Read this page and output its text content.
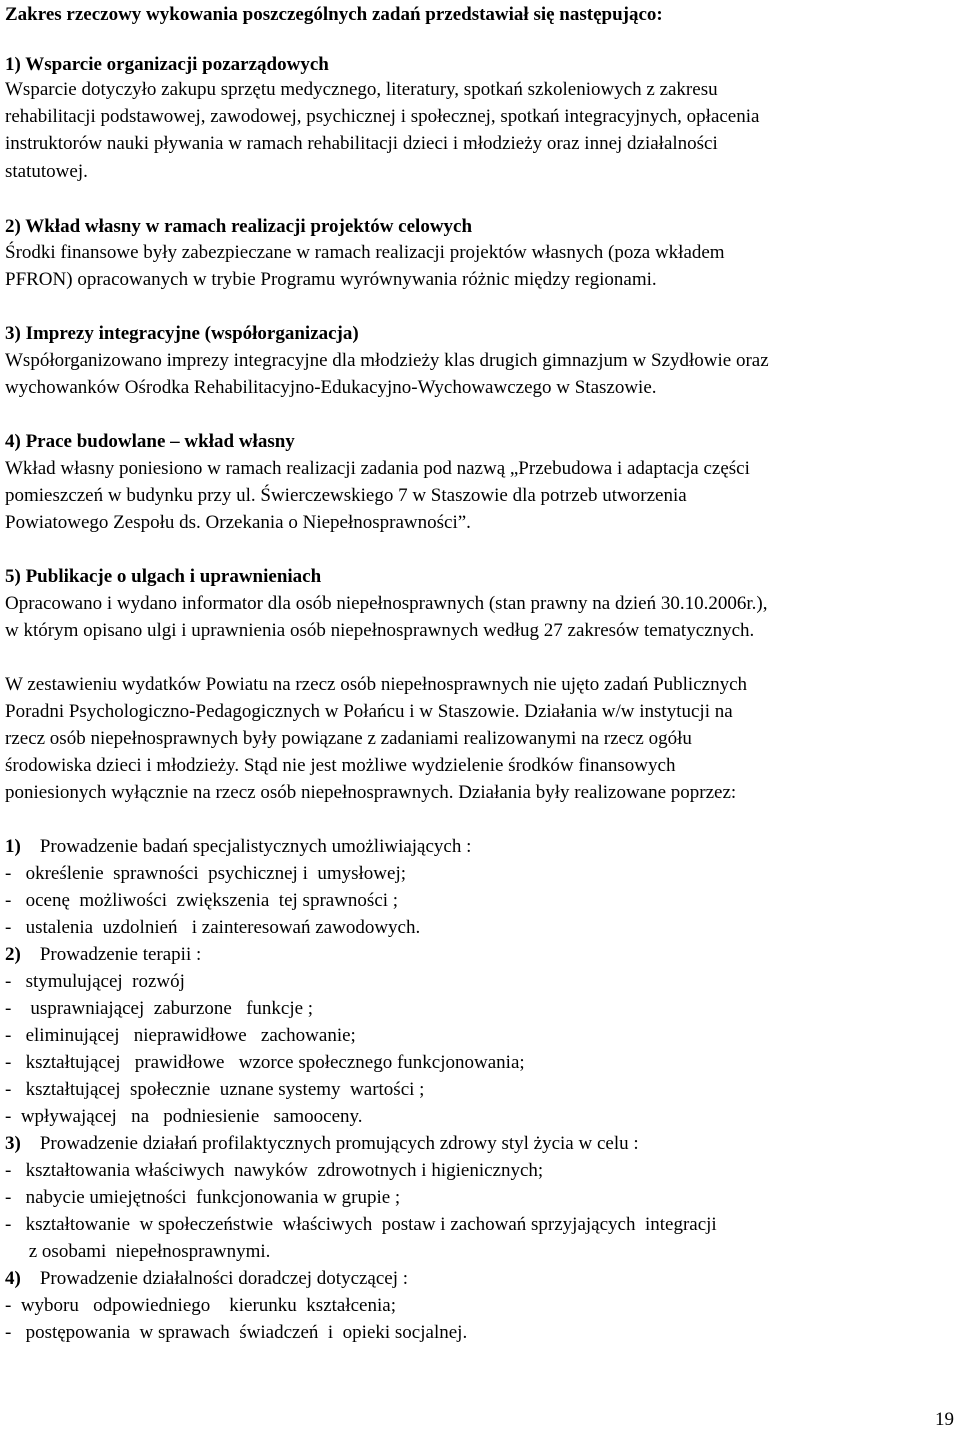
Zakres rzeczowy wykowania poszczególnych zadań przedstawiał się następująco:
1) Wsparcie organizacji pozarządowych
Wsparcie dotyczyło zakupu sprzętu medycznego, literatury, spotkań szkoleniowych z zakresu
rehabilitacji podstawowej, zawodowej, psychicznej i społecznej, spotkań integracyjnych, opłacenia
instruktorów nauki pływania w ramach rehabilitacji dzieci i młodzieży oraz innej działalności
statutowej.
2) Wkład własny w ramach realizacji projektów celowych
Środki finansowe były zabezpieczane w ramach realizacji projektów własnych (poza wkładem
PFRON) opracowanych w trybie Programu wyrównywania różnic między regionami.
3) Imprezy integracyjne (współorganizacja)
Współorganizowano imprezy integracyjne dla młodzieży klas drugich gimnazjum w Szydłowie oraz
wychowanków Ośrodka Rehabilitacyjno-Edukacyjno-Wychowawczego w Staszowie.
4) Prace budowlane – wkład własny
Wkład własny poniesiono w ramach realizacji zadania pod nazwą „Przebudowa i adaptacja części
pomieszczeń w budynku przy ul. Świerczewskiego 7 w Staszowie dla potrzeb utworzenia
Powiatowego Zespołu ds. Orzekania o Niepełnosprawności”.
5) Publikacje o ulgach i uprawnieniach
Opracowano i wydano informator dla osób niepełnosprawnych (stan prawny na dzień 30.10.2006r.),
w którym opisano ulgi i uprawnienia osób niepełnosprawnych według 27 zakresów tematycznych.
W zestawieniu wydatków Powiatu na rzecz osób niepełnosprawnych nie ujęto zadań Publicznych
Poradni Psychologiczno-Pedagogicznych w Połańcu i w Staszowie. Działania w/w instytucji na
rzecz osób niepełnosprawnych były powiązane z zadaniami realizowanymi na rzecz ogółu
środowiska dzieci i młodzieży. Stąd nie jest możliwe wydzielenie środków finansowych
poniesionych wyłącznie na rzecz osób niepełnosprawnych. Działania były realizowane poprzez:
1) Prowadzenie badań specjalistycznych umożliwiających :
-   określenie  sprawności  psychicznej i  umysłowej;
-   ocenę  możliwości  zwiększenia  tej sprawności ;
-   ustalenia  uzdolnień   i zainteresowań zawodowych.
2) Prowadzenie terapii :
-   stymulującej  rozwój
-    usprawniającej  zaburzone   funkcje ;
-   eliminującej   nieprawidłowe   zachowanie;
-   kształtującej   prawidłowe   wzorce społecznego funkcjonowania;
-   kształtującej  społecznie  uznane systemy  wartości ;
-  wpływającej   na   podniesienie   samooceny.
3) Prowadzenie działań profilaktycznych promujących zdrowy styl życia w celu :
-   kształtowania właściwych  nawyków  zdrowotnych i higienicznych;
-   nabycie umiejętności  funkcjonowania w grupie ;
-   kształtowanie  w społeczeństwie  właściwych  postaw i zachowań sprzyjających  integracji
z osobami  niepełnosprawnymi.
4) Prowadzenie działalności doradczej dotyczącej :
-  wyboru   odpowiedniego    kierunku  kształcenia;
-   postępowania  w sprawach  świadczeń  i  opieki socjalnej.
19
